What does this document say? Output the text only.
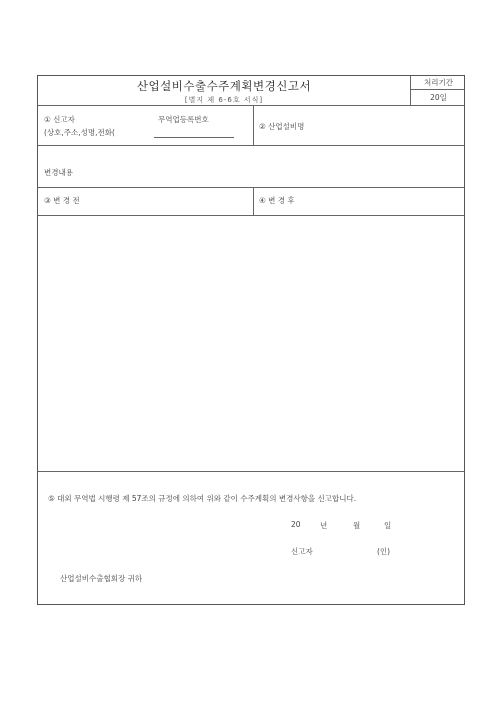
산업설비수출수주계획변경신고서
[별지 제 6-6호 서식]
처리기간
20일
① 신고자	무역업등록번호
(상호,주소,성명,전화(
② 산업설비명
변경내용
③ 변 경 전	④ 변 경 후
⑤ 대외 무역법 시행령 제 57조의 규정에 의하여 위와 같이 수주계획의 변경사항을 신고합니다.
20	년	월	일
신고자	(인)
산업설비수출협회장 귀하
